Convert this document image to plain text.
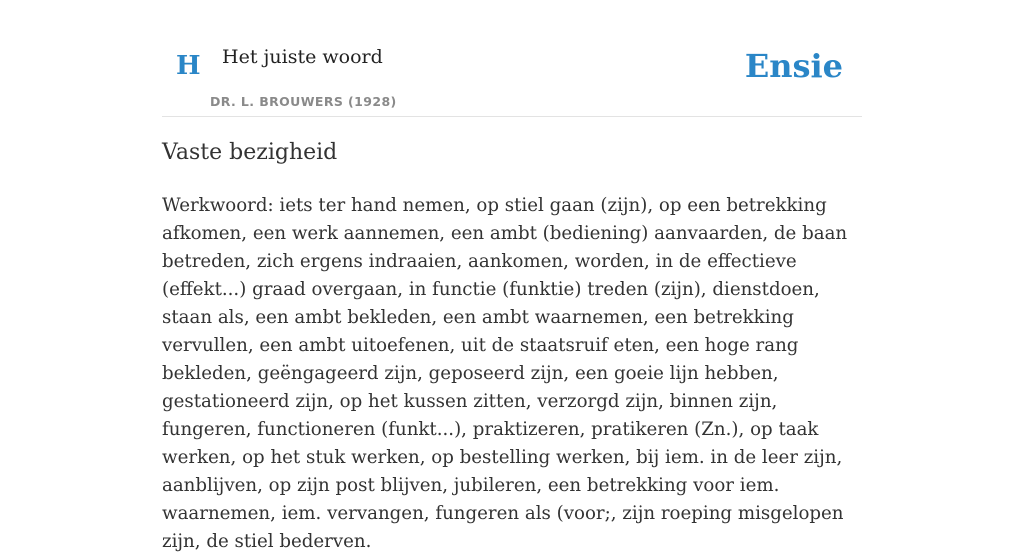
H Het juiste woord
DR. L. BROUWERS (1928)
Ensie
Vaste bezigheid

Werkwoord: iets ter hand nemen, op stiel gaan (zijn), op een betrekking afkomen, een werk aannemen, een ambt (bediening) aanvaarden, de baan betreden, zich ergens indraaien, aankomen, worden, in de effectieve (effekt...) graad overgaan, in functie (funktie) treden (zijn), dienstdoen, staan als, een ambt bekleden, een ambt waarnemen, een betrekking vervullen, een ambt uitoefenen, uit de staatsruif eten, een hoge rang bekleden, geëngageerd zijn, geposeerd zijn, een goeie lijn hebben, gestationeerd zijn, op het kussen zitten, verzorgd zijn, binnen zijn, fungeren, functioneren (funkt...), praktizeren, pratikeren (Zn.), op taak werken, op het stuk werken, op bestelling werken, bij iem. in de leer zijn, aanblijven, op zijn post blijven, jubileren, een betrekking voor iem. waarnemen, iem. vervangen, fungeren als (voor;, zijn roeping misgelopen zijn, de stiel bederven.
